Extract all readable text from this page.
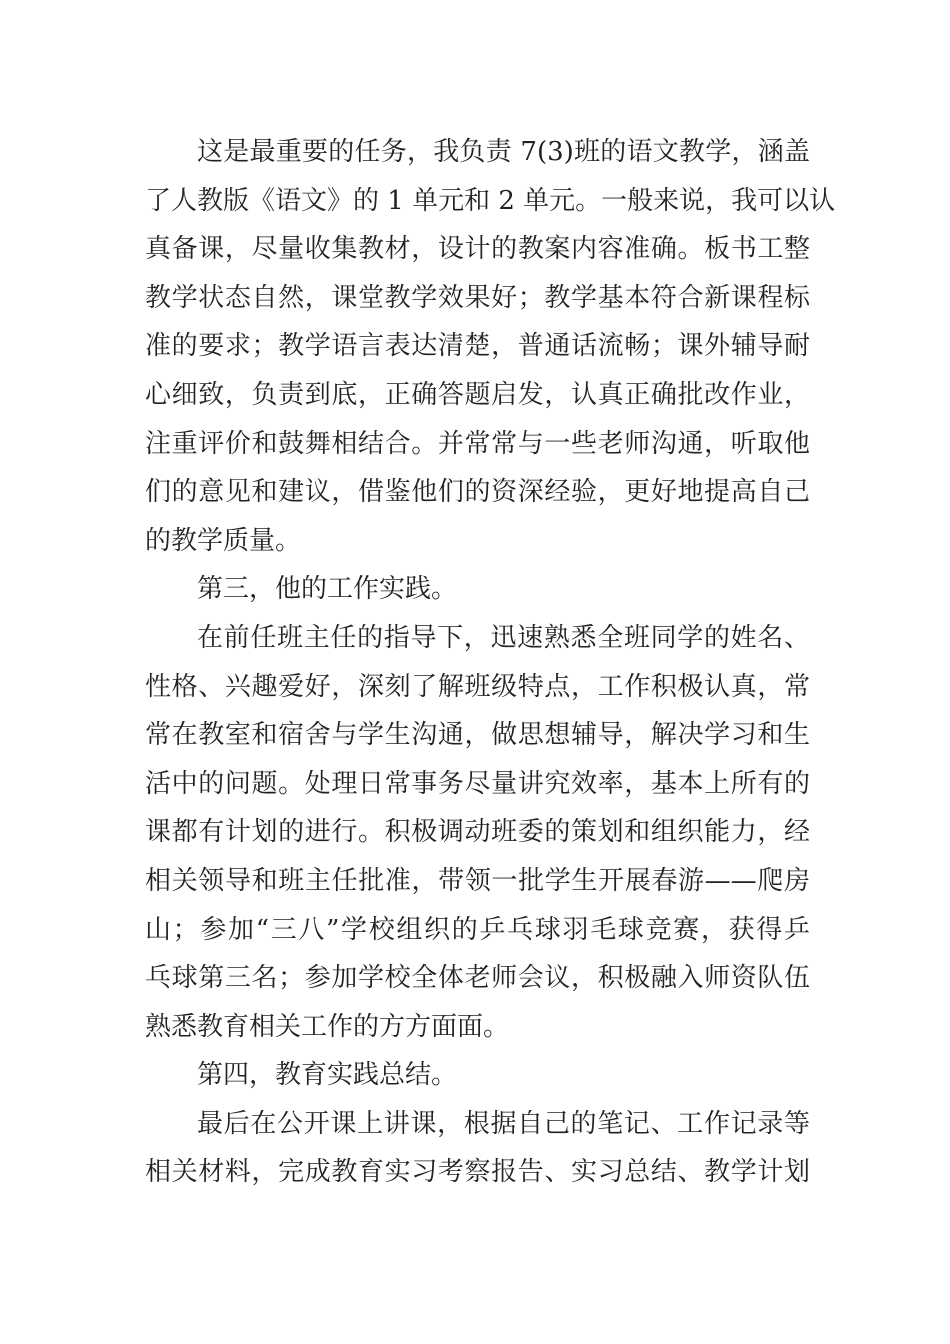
这是最重要的任务，我负责 7(3)班的语文教学，涵盖
了人教版《语文》的 1 单元和 2 单元。一般来说，我可以认
真备课，尽量收集教材，设计的教案内容准确。板书工整
教学状态自然，课堂教学效果好；教学基本符合新课程标
准的要求；教学语言表达清楚，普通话流畅；课外辅导耐
心细致，负责到底，正确答题启发，认真正确批改作业，
注重评价和鼓舞相结合。并常常与一些老师沟通，听取他
们的意见和建议，借鉴他们的资深经验，更好地提高自己
的教学质量。
第三，他的工作实践。
在前任班主任的指导下，迅速熟悉全班同学的姓名、
性格、兴趣爱好，深刻了解班级特点，工作积极认真，常
常在教室和宿舍与学生沟通，做思想辅导，解决学习和生
活中的问题。处理日常事务尽量讲究效率，基本上所有的
课都有计划的进行。积极调动班委的策划和组织能力，经
相关领导和班主任批准，带领一批学生开展春游——爬房
山；参加“三八”学校组织的乒乓球羽毛球竞赛，获得乒
乓球第三名；参加学校全体老师会议，积极融入师资队伍
熟悉教育相关工作的方方面面。
第四，教育实践总结。
最后在公开课上讲课，根据自己的笔记、工作记录等
相关材料，完成教育实习考察报告、实习总结、教学计划
